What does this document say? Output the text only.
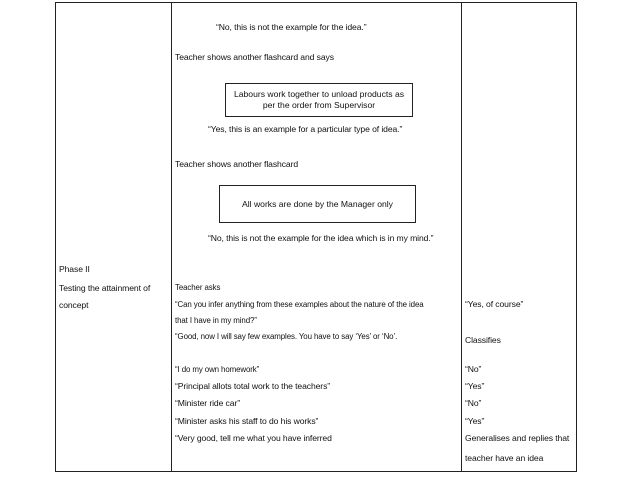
Phase II
Testing the attainment of
concept
“No, this is not the example for the idea.”
Teacher shows another flashcard and says
Labours work together to unload products as
per the order from Supervisor
“Yes, this is an example for a particular type of idea.”
Teacher shows another flashcard
All works are done by the Manager only
“No, this is not the example for the idea which is in my mind.”
Teacher asks
“Can you infer anything from these examples about the nature of the idea
that I have in my mind?”
“Good, now I will say few examples. You have to say ‘Yes’ or ‘No’.
“I do my own homework”
“Principal allots total work to the teachers”
“Minister ride car”
“Minister asks his staff to do his works”
“Very good, tell me what you have inferred
“Yes, of course”
Classifies
“No”
“Yes”
“No”
“Yes”
Generalises and replies that
teacher have an idea
